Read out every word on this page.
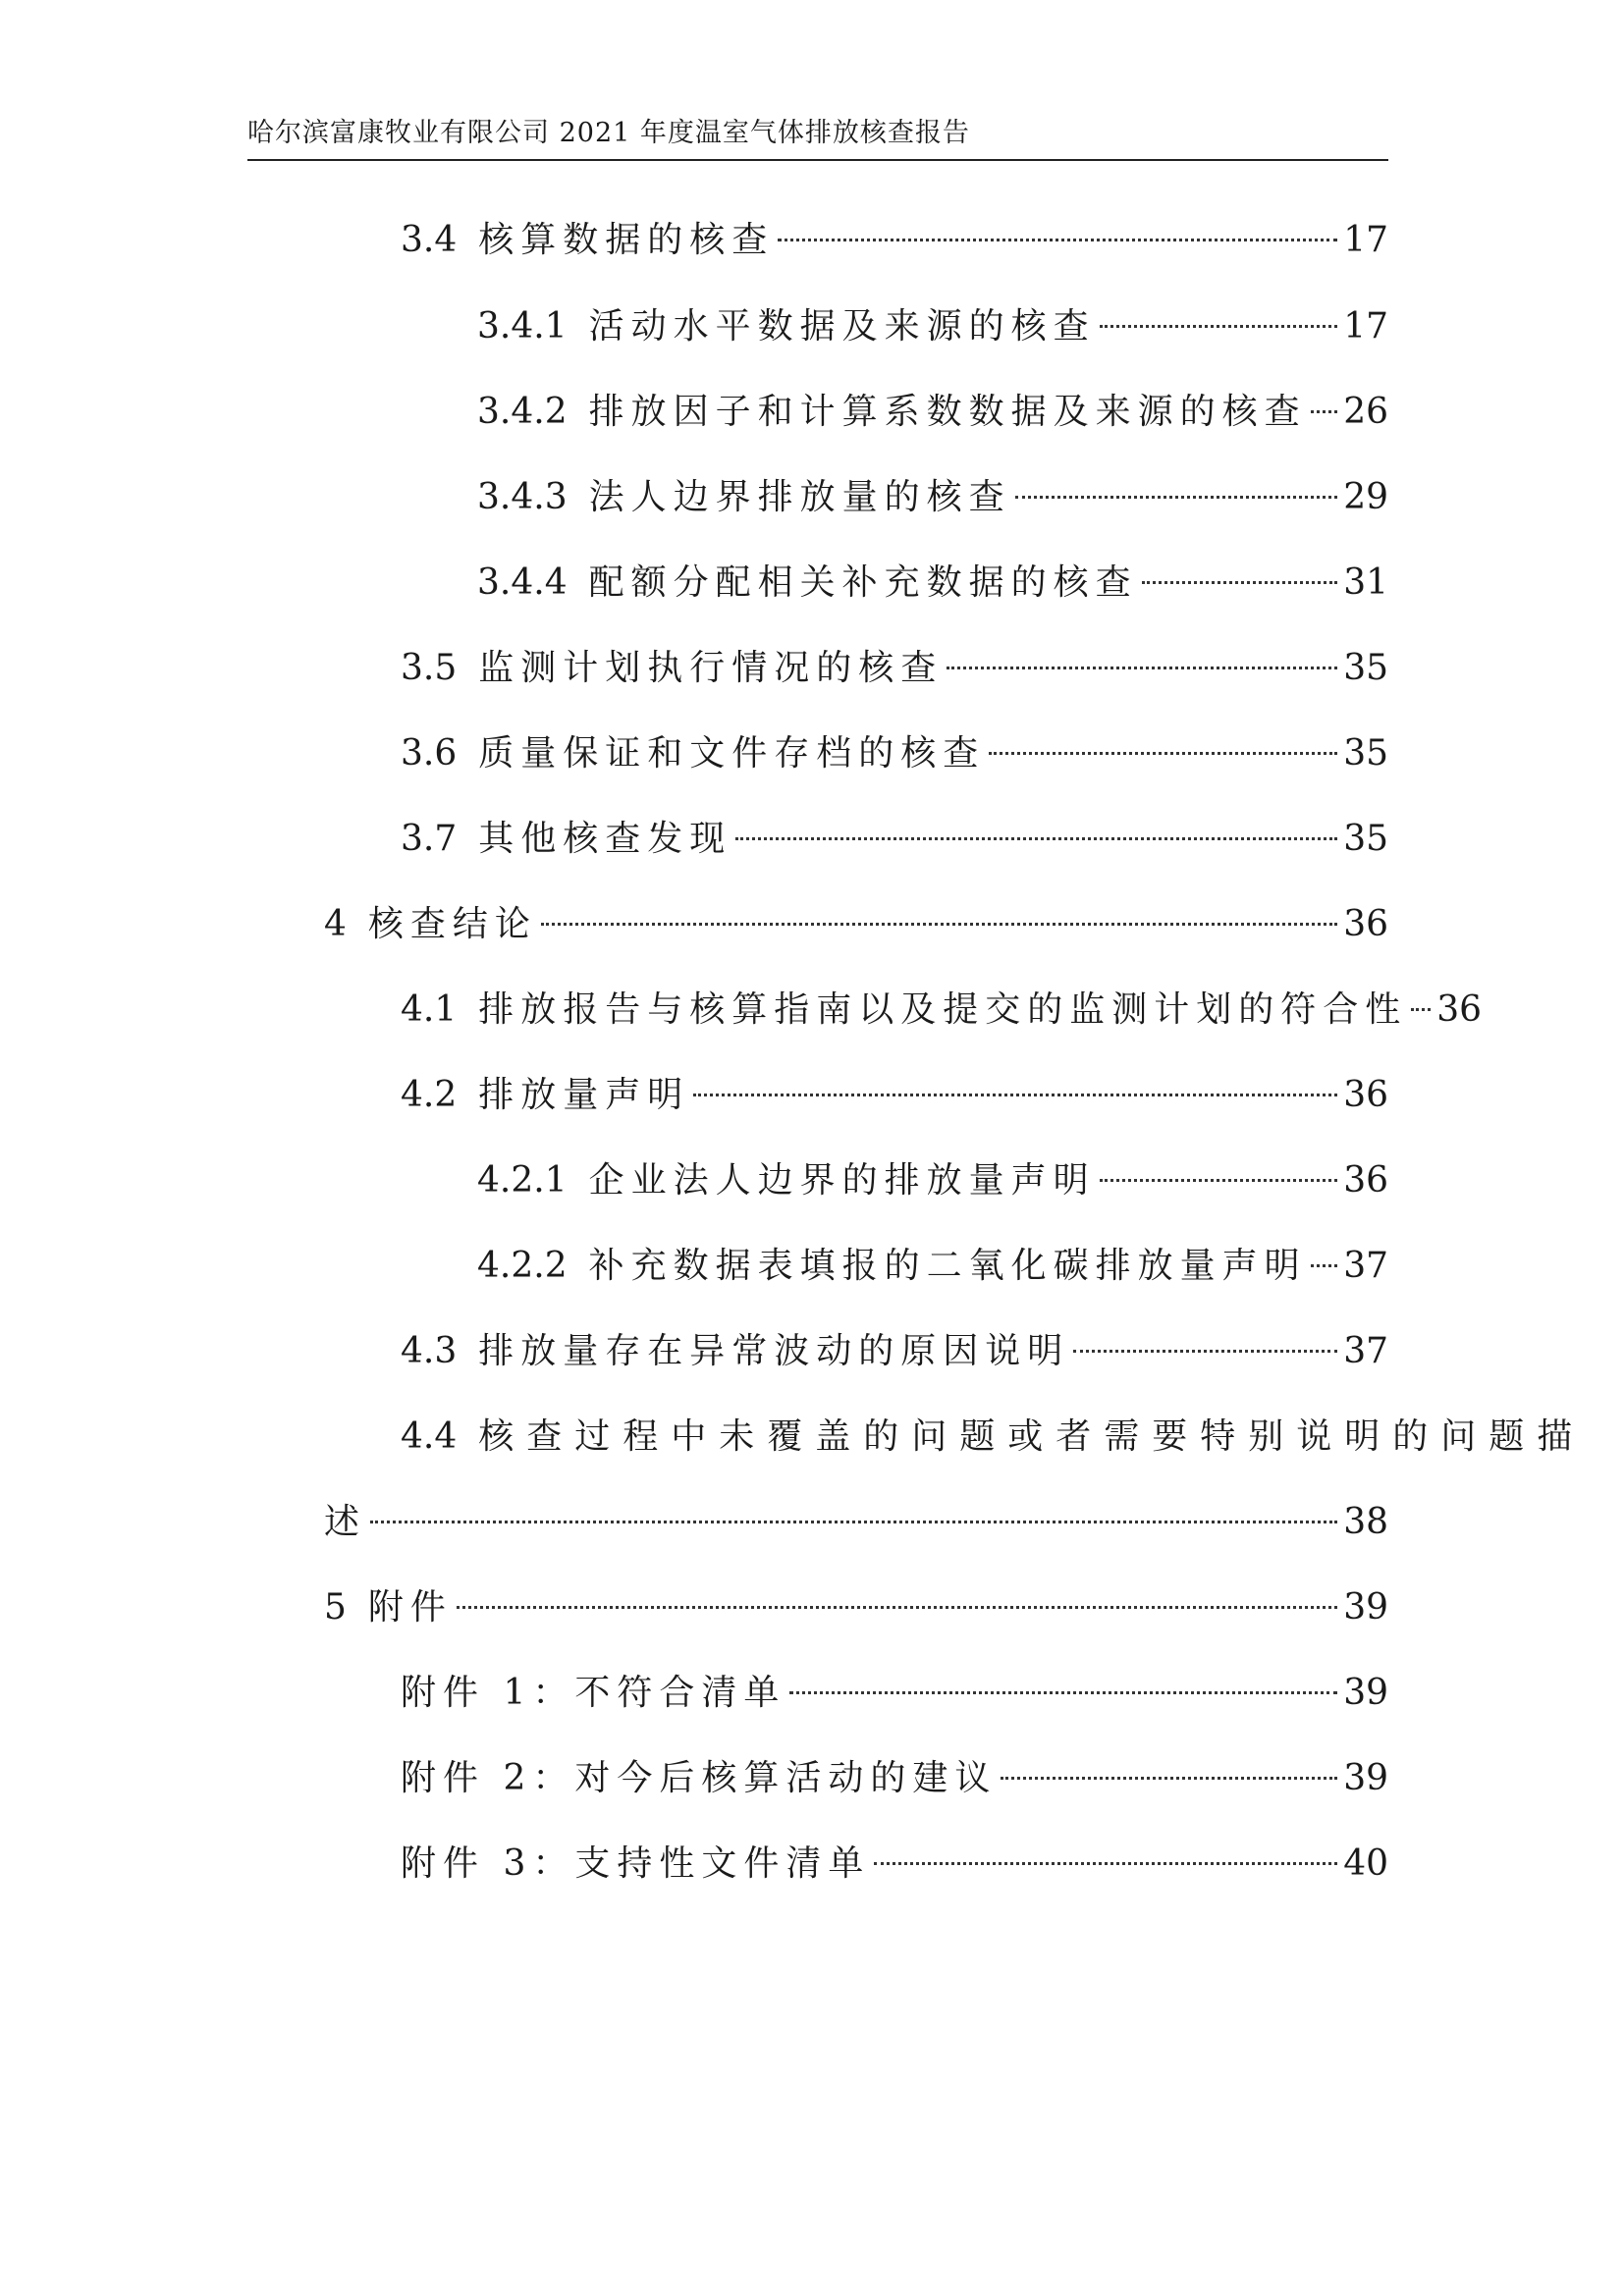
哈尔滨富康牧业有限公司 2021 年度温室气体排放核查报告
3.4 核算数据的核查	17
3.4.1 活动水平数据及来源的核查	17
3.4.2 排放因子和计算系数数据及来源的核查 26
3.4.3 法人边界排放量的核查	29
3.4.4 配额分配相关补充数据的核查	31
3.5 监测计划执行情况的核查	35
3.6 质量保证和文件存档的核查	35
3.7 其他核查发现	35
4 核查结论	36
4.1 排放报告与核算指南以及提交的监测计划的符合性 36
4.2 排放量声明	36
4.2.1 企业法人边界的排放量声明	36
4.2.2 补充数据表填报的二氧化碳排放量声明 37
4.3 排放量存在异常波动的原因说明	37
4.4 核查过程中未覆盖的问题或者需要特别说明的问题描
述	38
5 附件	39
附件 1：不符合清单	39
附件 2：对今后核算活动的建议	39
附件 3：支持性文件清单	40
